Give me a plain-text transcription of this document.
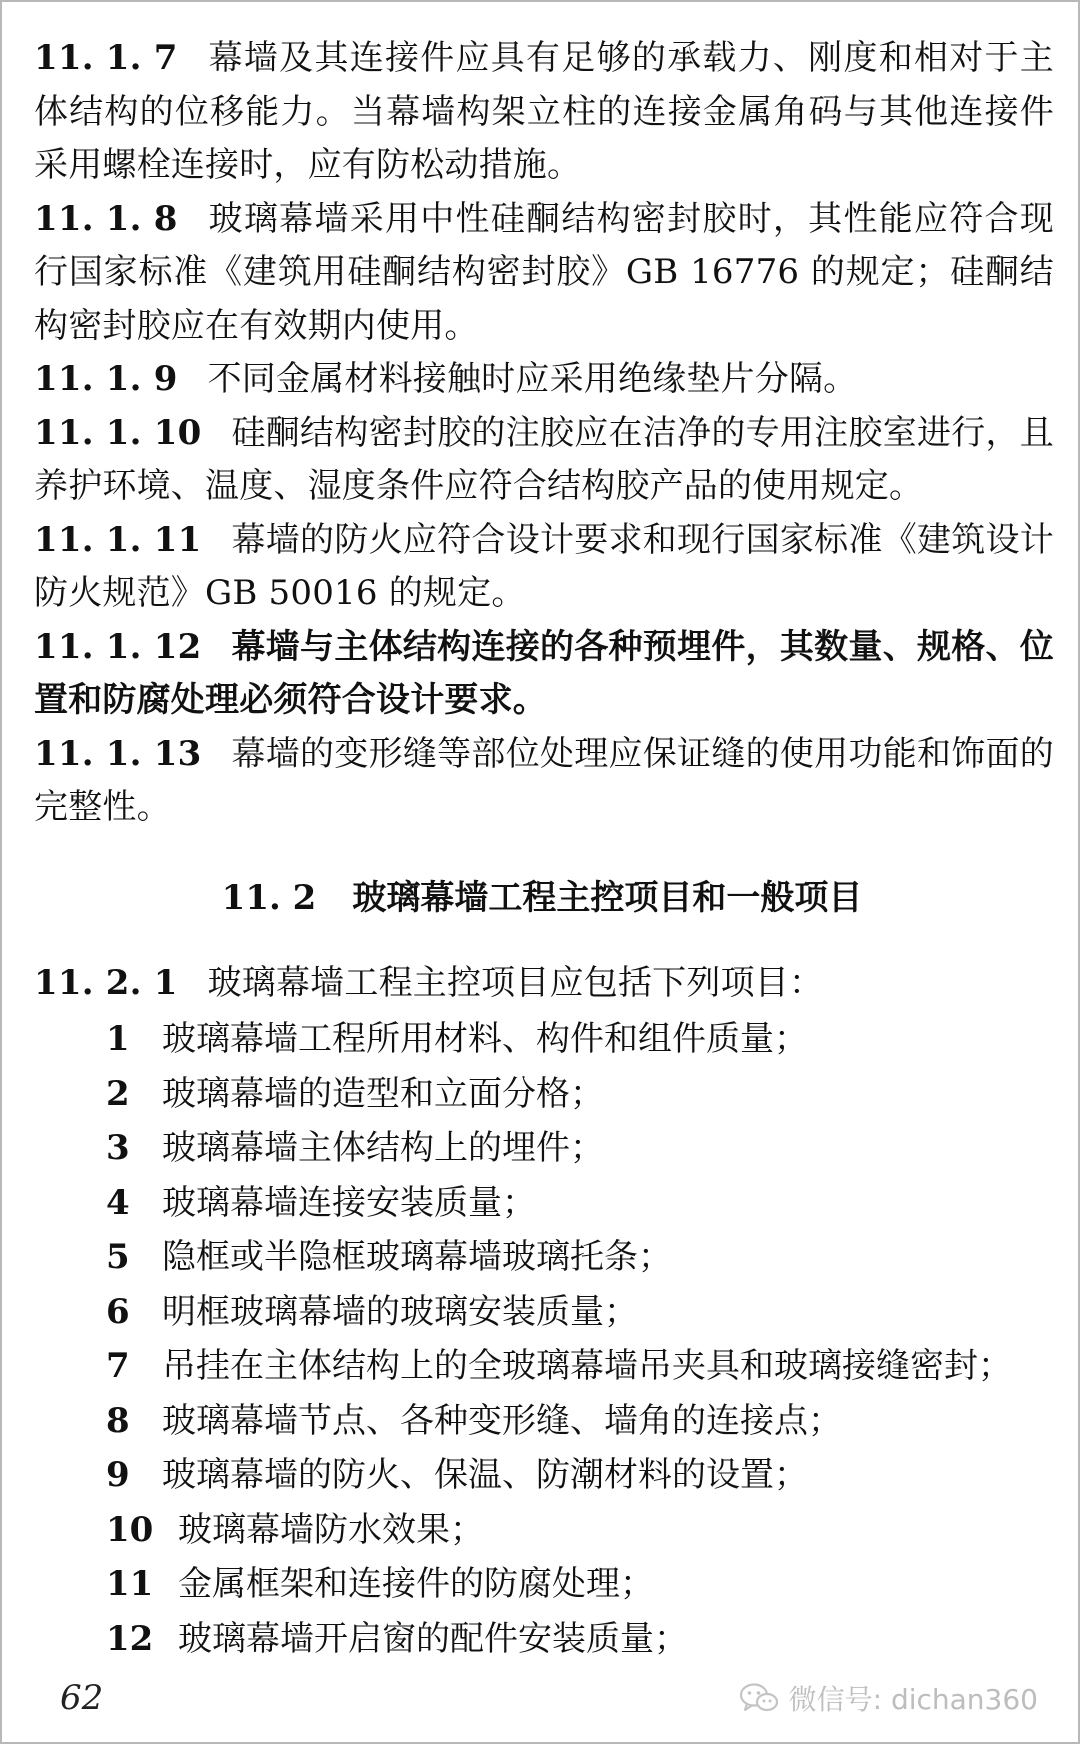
11. 1. 7 幕墙及其连接件应具有足够的承载力、刚度和相对于主体结构的位移能力。当幕墙构架立柱的连接金属角码与其他连接件采用螺栓连接时，应有防松动措施。

11. 1. 8 玻璃幕墙采用中性硅酮结构密封胶时，其性能应符合现行国家标准《建筑用硅酮结构密封胶》GB 16776 的规定；硅酮结构密封胶应在有效期内使用。

11. 1. 9 不同金属材料接触时应采用绝缘垫片分隔。

11. 1. 10 硅酮结构密封胶的注胶应在洁净的专用注胶室进行，且养护环境、温度、湿度条件应符合结构胶产品的使用规定。

11. 1. 11 幕墙的防火应符合设计要求和现行国家标准《建筑设计防火规范》GB 50016 的规定。

11. 1. 12 幕墙与主体结构连接的各种预埋件，其数量、规格、位置和防腐处理必须符合设计要求。

11. 1. 13 幕墙的变形缝等部位处理应保证缝的使用功能和饰面的完整性。

11. 2 玻璃幕墙工程主控项目和一般项目

11. 2. 1 玻璃幕墙工程主控项目应包括下列项目：

1 玻璃幕墙工程所用材料、构件和组件质量；
2 玻璃幕墙的造型和立面分格；
3 玻璃幕墙主体结构上的埋件；
4 玻璃幕墙连接安装质量；
5 隐框或半隐框玻璃幕墙玻璃托条；
6 明框玻璃幕墙的玻璃安装质量；
7 吊挂在主体结构上的全玻璃幕墙吊夹具和玻璃接缝密封；
8 玻璃幕墙节点、各种变形缝、墙角的连接点；
9 玻璃幕墙的防火、保温、防潮材料的设置；
10 玻璃幕墙防水效果；
11 金属框架和连接件的防腐处理；
12 玻璃幕墙开启窗的配件安装质量；
62	微信号: dichan360
